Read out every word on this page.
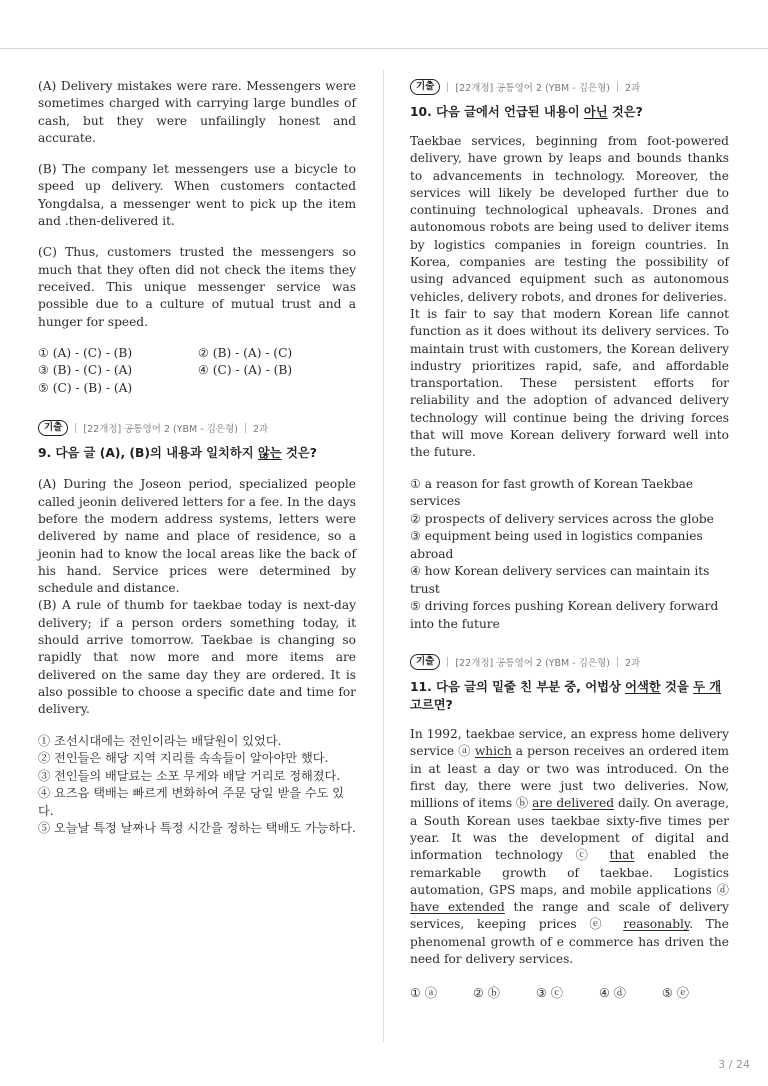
(A) Delivery mistakes were rare. Messengers were sometimes charged with carrying large bundles of cash, but they were unfailingly honest and accurate.

(B) The company let messengers use a bicycle to speed up delivery. When customers contacted Yongdalsa, a messenger went to pick up the item and .then-delivered it.

(C) Thus, customers trusted the messengers so much that they often did not check the items they received. This unique messenger service was possible due to a culture of mutual trust and a hunger for speed.

① (A) - (C) - (B)	② (B) - (A) - (C)
③ (B) - (C) - (A)	④ (C) - (A) - (B)
⑤ (C) - (B) - (A)
기출	[22개정] 공통영어 2 (YBM - 김은형) 2과
9. 다음 글 (A), (B)의 내용과 일치하지 않는 것은?

(A) During the Joseon period, specialized people called jeonin delivered letters for a fee. In the days before the modern address systems, letters were delivered by name and place of residence, so a jeonin had to know the local areas like the back of his hand. Service prices were determined by schedule and distance.

(B) A rule of thumb for taekbae today is next-day delivery; if a person orders something today, it should arrive tomorrow. Taekbae is changing so rapidly that now more and more items are delivered on the same day they are ordered. It is also possible to choose a specific date and time for delivery.

① 조선시대에는 전인이라는 배달원이 있었다.
② 전인들은 해당 지역 지리를 속속들이 알아야만 했다.
③ 전인들의 배달료는 소포 무게와 배달 거리로 정해졌다.
④ 요즈음 택배는 빠르게 변화하여 주문 당일 받을 수도 있다.
⑤ 오늘날 특정 날짜나 특정 시간을 정하는 택배도 가능하다.
기출	[22개정] 공통영어 2 (YBM - 김은형) 2과
10. 다음 글에서 언급된 내용이 아닌 것은?

Taekbae services, beginning from foot-powered delivery, have grown by leaps and bounds thanks to advancements in technology. Moreover, the services will likely be developed further due to continuing technological upheavals. Drones and autonomous robots are being used to deliver items by logistics companies in foreign countries. In Korea, companies are testing the possibility of using advanced equipment such as autonomous vehicles, delivery robots, and drones for deliveries.

It is fair to say that modern Korean life cannot function as it does without its delivery services. To maintain trust with customers, the Korean delivery industry prioritizes rapid, safe, and affordable transportation. These persistent efforts for reliability and the adoption of advanced delivery technology will continue being the driving forces that will move Korean delivery forward well into the future.

① a reason for fast growth of Korean Taekbae services
② prospects of delivery services across the globe
③ equipment being used in logistics companies abroad
④ how Korean delivery services can maintain its trust
⑤ driving forces pushing Korean delivery forward into the future
기출	[22개정] 공통영어 2 (YBM - 김은형) 2과
11. 다음 글의 밑줄 친 부분 중, 어법상 어색한 것을 두 개 고르면?

In 1992, taekbae service, an express home delivery service ⓐ which a person receives an ordered item in at least a day or two was introduced. On the first day, there were just two deliveries. Now, millions of items ⓑ are delivered daily. On average, a South Korean uses taekbae sixty-five times per year. It was the development of digital and information technology ⓒ that enabled the remarkable growth of taekbae. Logistics automation, GPS maps, and mobile applications ⓓ have extended the range and scale of delivery services, keeping prices ⓔ reasonably. The phenomenal growth of e commerce has driven the need for delivery services.

① ⓐ	② ⓑ	③ ⓒ	④ ⓓ	⑤ ⓔ
3 / 24
